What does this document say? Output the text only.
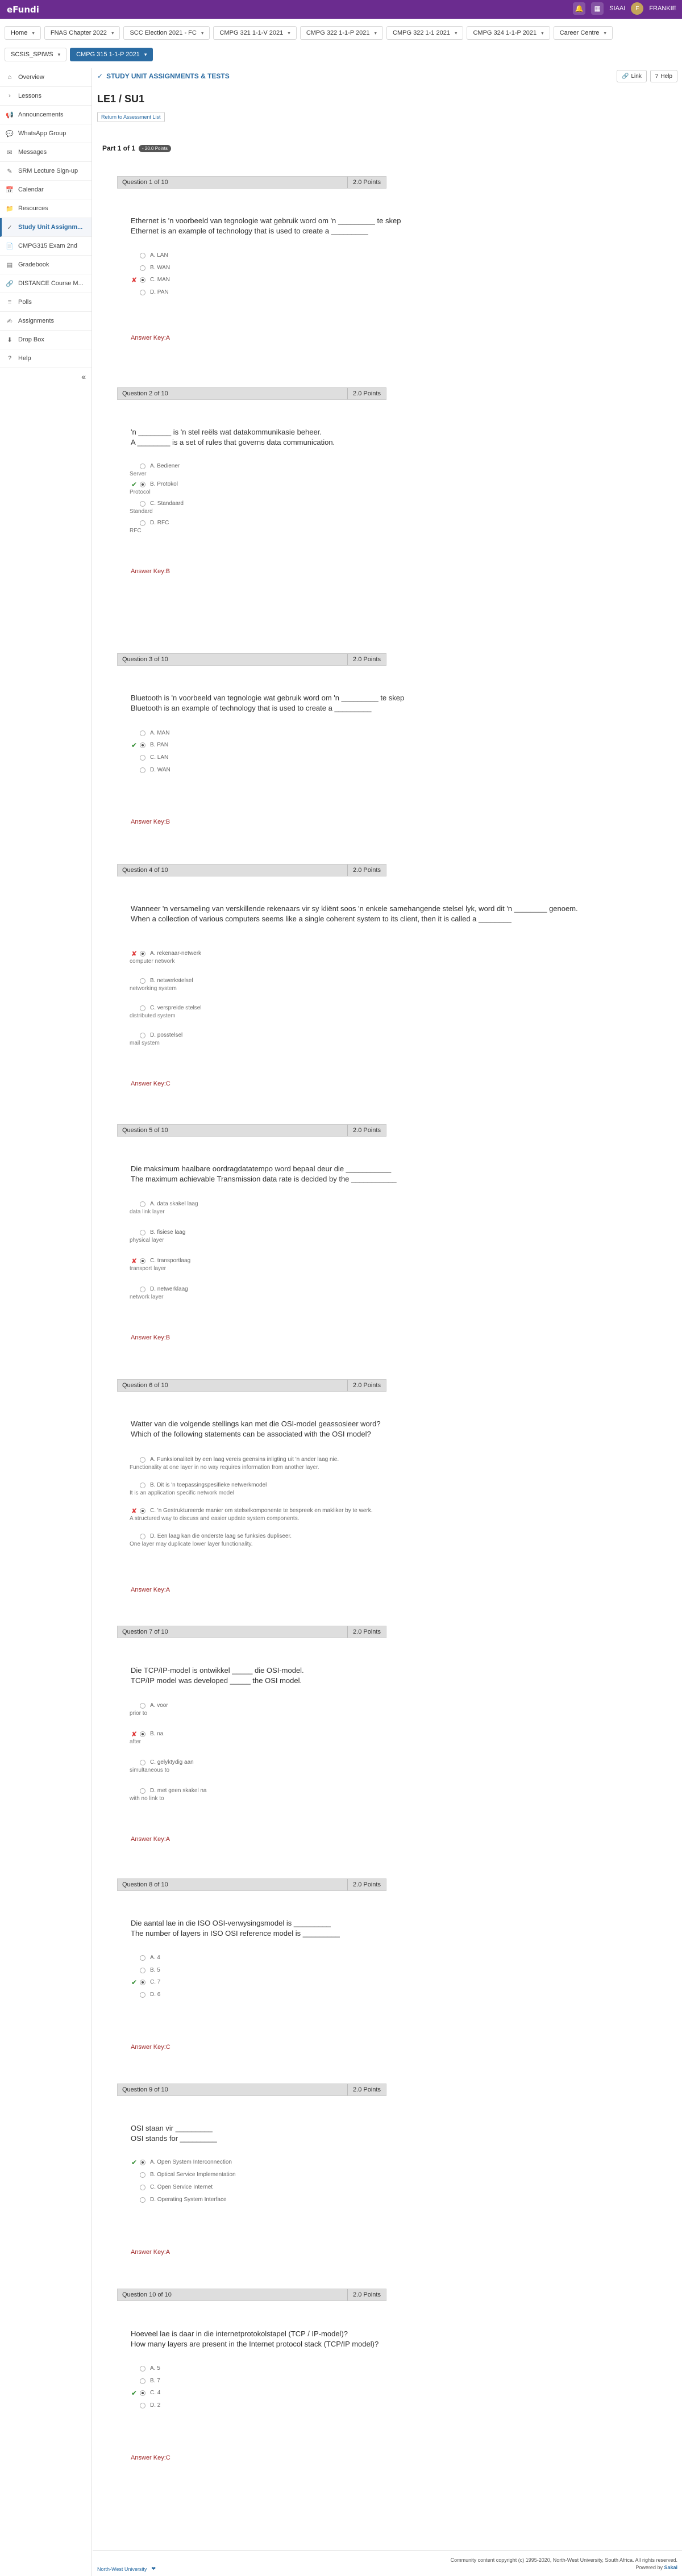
eFundi	🔔	▦	SIAAI	F	FRANKIE
Home ▾	FNAS Chapter 2022 ▾	SCC Election 2021 - FC ▾	CMPG 321 1-1-V 2021 ▾	CMPG 322 1-1-P 2021 ▾	CMPG 322 1-1 2021 ▾	CMPG 324 1-1-P 2021 ▾	Career Centre ▾
SCSIS_SPIWS ▾	CMPG 315 1-1-P 2021 ▾
⌂	Overview
›	Lessons
📢 Announcements
💬 WhatsApp Group
✉ Messages
✎ SRM Lecture Sign-up
📅 Calendar
📁 Resources
✓ Study Unit Assignm...
📄 CMPG315 Exam 2nd
▤ Gradebook
🔗 DISTANCE Course M...
≡	Polls
✍ Assignments
⬇ Drop Box
?	Help
«
✓ STUDY UNIT ASSIGNMENTS & TESTS	🔗 Link ? Help
LE1 / SU1
Return to Assessment List
Part 1 of 1	- 20.0 Points
Question 1 of 10	2.0 Points
Ethernet is 'n voorbeeld van tegnologie wat gebruik word om 'n _________ te skep
Ethernet is an example of technology that is used to create a _________
A. LAN
B. WAN
✘ C. MAN
D. PAN
Answer Key:A
Question 2 of 10	2.0 Points
'n ________ is 'n stel reëls wat datakommunikasie beheer.
A ________ is a set of rules that governs data communication.
A. Bediener
Server
✔ B. Protokol
Protocol
C. Standaard
Standard
D. RFC
RFC
Answer Key:B
Question 3 of 10	2.0 Points
Bluetooth is 'n voorbeeld van tegnologie wat gebruik word om 'n _________ te skep
Bluetooth is an example of technology that is used to create a _________
A. MAN
✔ B. PAN
C. LAN
D. WAN
Answer Key:B
Question 4 of 10	2.0 Points
Wanneer 'n versameling van verskillende rekenaars vir sy kliënt soos 'n enkele samehangende stelsel lyk, word dit 'n ________ genoem.
When a collection of various computers seems like a single coherent system to its client, then it is called a ________
✘ A. rekenaar-netwerk
computer network
B. netwerkstelsel
networking system
C. verspreide stelsel
distributed system
D. posstelsel
mail system
Answer Key:C
Question 5 of 10	2.0 Points
Die maksimum haalbare oordragdatatempo word bepaal deur die ___________
The maximum achievable Transmission data rate is decided by the ___________
A. data skakel laag
data link layer
B. fisiese laag
physical layer
✘ C. transportlaag
transport layer
D. netwerklaag
network layer
Answer Key:B
Question 6 of 10	2.0 Points
Watter van die volgende stellings kan met die OSI-model geassosieer word?
Which of the following statements can be associated with the OSI model?
A. Funksionaliteit by een laag vereis geensins inligting uit 'n ander laag nie.
Functionality at one layer in no way requires information from another layer.
B. Dit is 'n toepassingspesifieke netwerkmodel
It is an application specific network model
✘ C. 'n Gestruktureerde manier om stelselkomponente te bespreek en makliker by te werk.
A structured way to discuss and easier update system components.
D. Een laag kan die onderste laag se funksies dupliseer.
One layer may duplicate lower layer functionality.
Answer Key:A
Question 7 of 10	2.0 Points
Die TCP/IP-model is ontwikkel _____ die OSI-model.
TCP/IP model was developed _____ the OSI model.
A. voor
prior to
✘ B. na
after
C. gelyktydig aan
simultaneous to
D. met geen skakel na
with no link to
Answer Key:A
Question 8 of 10	2.0 Points
Die aantal lae in die ISO OSI-verwysingsmodel is _________
The number of layers in ISO OSI reference model is _________
A. 4
B. 5
✔ C. 7
D. 6
Answer Key:C
Question 9 of 10	2.0 Points
OSI staan vir _________
OSI stands for _________
✔ A. Open System Interconnection
B. Optical Service Implementation
C. Open Service Internet
D. Operating System Interface
Answer Key:A
Question 10 of 10	2.0 Points
Hoeveel lae is daar in die internetprotokolstapel (TCP / IP-model)?
How many layers are present in the Internet protocol stack (TCP/IP model)?
A. 5
B. 7
✔ C. 4
D. 2
Answer Key:C
North-West University ❤
Community content copyright (c) 1995-2020, North-West University, South Africa. All rights reserved.
Powered by Sakai
